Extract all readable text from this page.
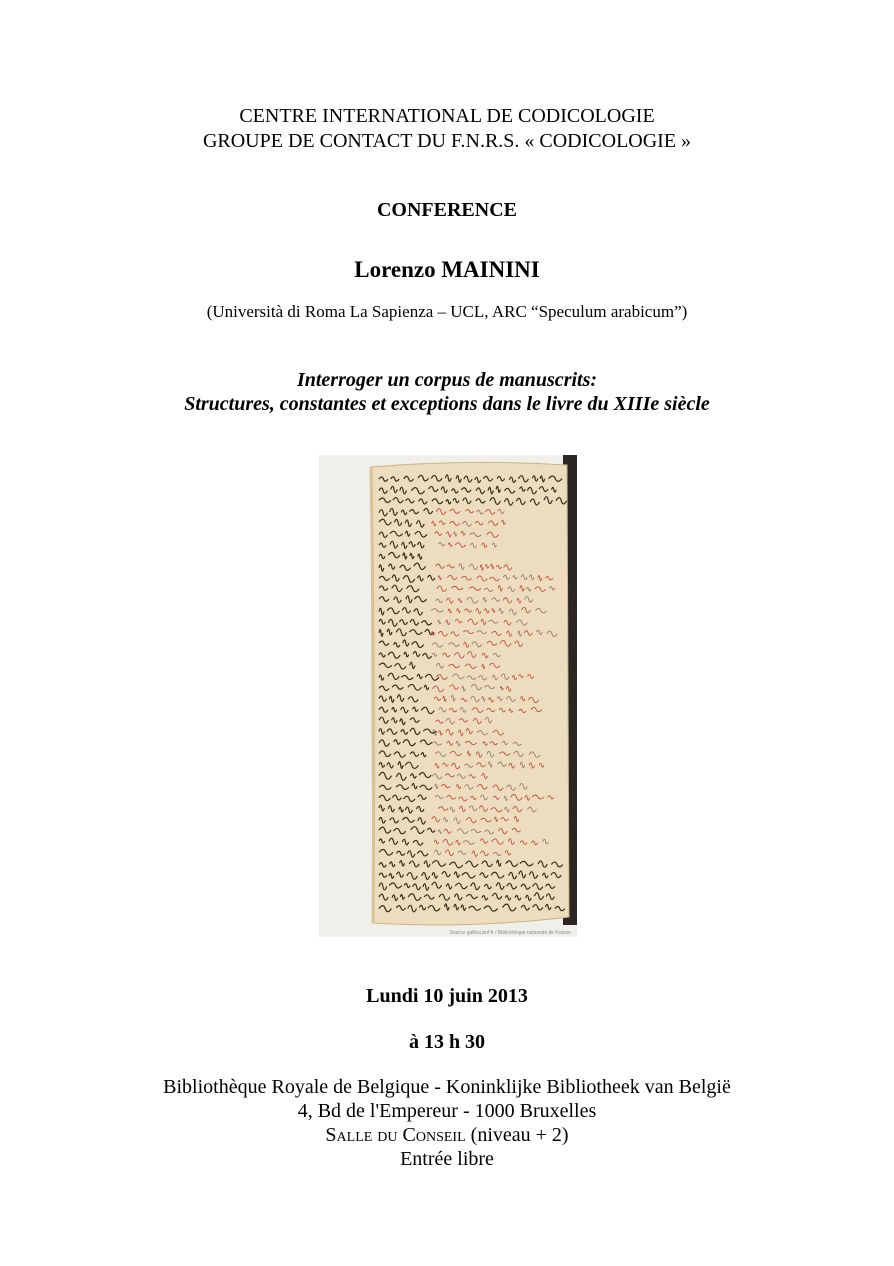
CENTRE INTERNATIONAL DE CODICOLOGIE
GROUPE DE CONTACT DU F.N.R.S. « CODICOLOGIE »
CONFERENCE
Lorenzo MAININI
(Università di Roma La Sapienza – UCL, ARC “Speculum arabicum”)
Interroger un corpus de manuscrits:
Structures, constantes et exceptions dans le livre du XIIIe siècle
Source gallica.bnf.fr / Bibliothèque nationale de France
Lundi 10 juin 2013
à 13 h 30
Bibliothèque Royale de Belgique - Koninklijke Bibliotheek van België
4, Bd de l'Empereur - 1000 Bruxelles
Salle du Conseil (niveau + 2)
Entrée libre
